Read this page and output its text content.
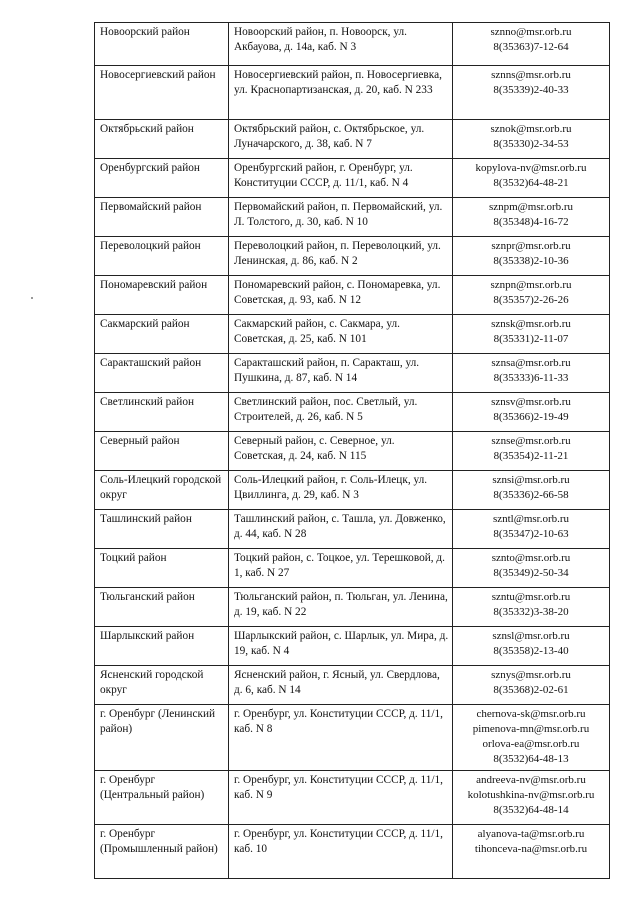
Новоорский район	Новоорский район, п. Новоорск, ул. Акбауова, д. 14а, каб. N 3	sznno@msr.orb.ru
8(35363)7-12-64

Новосергиевский район	Новосергиевский район, п. Новосергиевка, ул. Краснопартизанская, д. 20, каб. N 233	sznns@msr.orb.ru
8(35339)2-40-33

Октябрьский район	Октябрьский район, с. Октябрьское, ул. Луначарского, д. 38, каб. N 7	sznok@msr.orb.ru
8(35330)2-34-53

Оренбургский район	Оренбургский район, г. Оренбург, ул. Конституции СССР, д. 11/1, каб. N 4	kopylova-nv@msr.orb.ru
8(3532)64-48-21

Первомайский район	Первомайский район, п. Первомайский, ул. Л. Толстого, д. 30, каб. N 10	sznpm@msr.orb.ru
8(35348)4-16-72

Переволоцкий район	Переволоцкий район, п. Переволоцкий, ул. Ленинская, д. 86, каб. N 2	sznpr@msr.orb.ru
8(35338)2-10-36

Пономаревский район	Пономаревский район, с. Пономаревка, ул. Советская, д. 93, каб. N 12	sznpn@msr.orb.ru
8(35357)2-26-26

Сакмарский район	Сакмарский район, с. Сакмара, ул. Советская, д. 25, каб. N 101	sznsk@msr.orb.ru
8(35331)2-11-07

Саракташский район	Саракташский район, п. Саракташ, ул. Пушкина, д. 87, каб. N 14	sznsa@msr.orb.ru
8(35333)6-11-33

Светлинский район	Светлинский район, пос. Светлый, ул. Строителей, д. 26, каб. N 5	sznsv@msr.orb.ru
8(35366)2-19-49

Северный район	Северный район, с. Северное, ул. Советская, д. 24, каб. N 115	sznse@msr.orb.ru
8(35354)2-11-21

Соль-Илецкий городской округ	Соль-Илецкий район, г. Соль-Илецк, ул. Цвиллинга, д. 29, каб. N 3	sznsi@msr.orb.ru
8(35336)2-66-58

Ташлинский район	Ташлинский район, с. Ташла, ул. Довженко, д. 44, каб. N 28	szntl@msr.orb.ru
8(35347)2-10-63

Тоцкий район	Тоцкий район, с. Тоцкое, ул. Терешковой, д. 1, каб. N 27	sznto@msr.orb.ru
8(35349)2-50-34

Тюльганский район	Тюльганский район, п. Тюльган, ул. Ленина, д. 19, каб. N 22	szntu@msr.orb.ru
8(35332)3-38-20

Шарлыкский район	Шарлыкский район, с. Шарлык, ул. Мира, д. 19, каб. N 4	sznsl@msr.orb.ru
8(35358)2-13-40

Ясненский городской округ	Ясненский район, г. Ясный, ул. Свердлова, д. 6, каб. N 14	sznys@msr.orb.ru
8(35368)2-02-61

г. Оренбург (Ленинский район)	г. Оренбург, ул. Конституции СССР, д. 11/1, каб. N 8	chernova-sk@msr.orb.ru
pimenova-mn@msr.orb.ru
orlova-ea@msr.orb.ru
8(3532)64-48-13

г. Оренбург (Центральный район)	г. Оренбург, ул. Конституции СССР, д. 11/1, каб. N 9	andreeva-nv@msr.orb.ru
kolotushkina-nv@msr.orb.ru
8(3532)64-48-14

г. Оренбург (Промышленный район)	г. Оренбург, ул. Конституции СССР, д. 11/1, каб. 10	alyanova-ta@msr.orb.ru
tihonceva-na@msr.orb.ru
